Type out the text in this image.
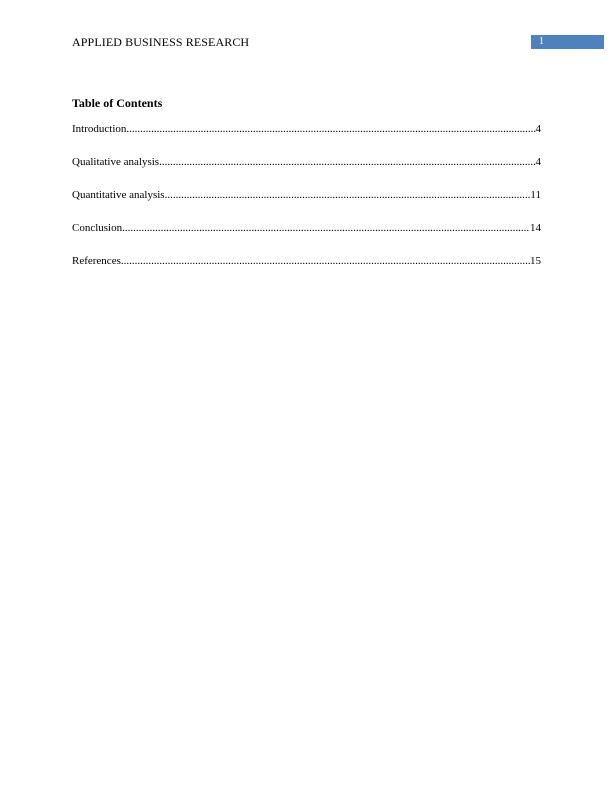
APPLIED BUSINESS RESEARCH	1
Table of Contents
Introduction .....	4
Qualitative analysis .....	4
Quantitative analysis .....	11
Conclusion .....	14
References .....	15
